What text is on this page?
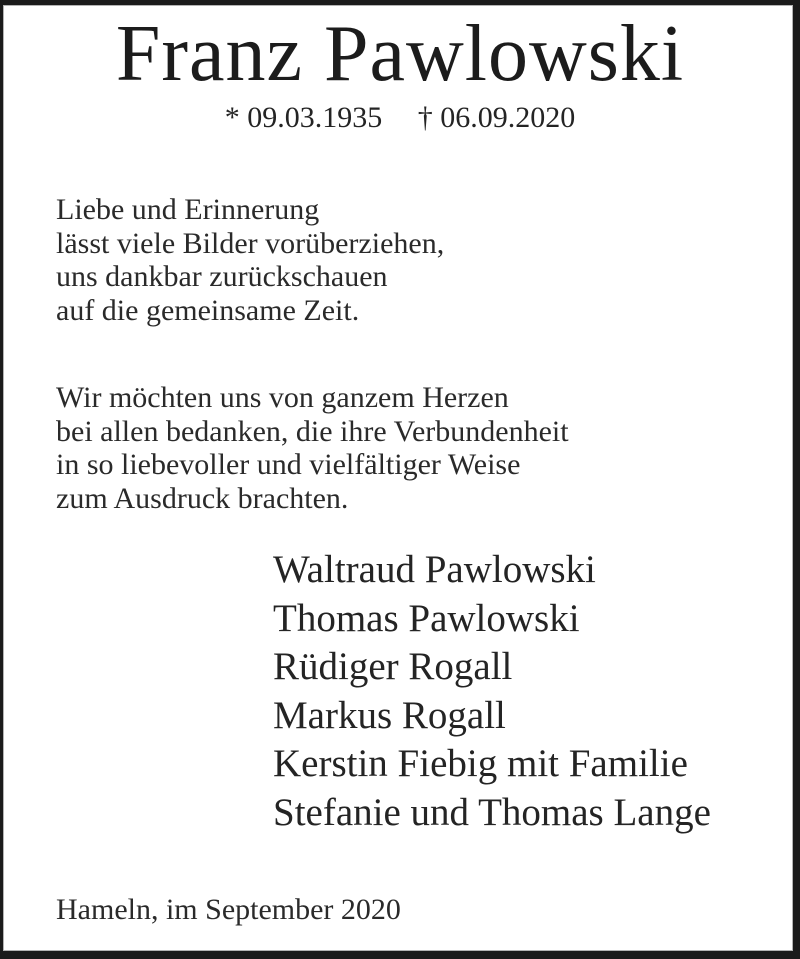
Franz Pawlowski
* 09.03.1935 † 06.09.2020
Liebe und Erinnerung
lässt viele Bilder vorüberziehen,
uns dankbar zurückschauen
auf die gemeinsame Zeit.
Wir möchten uns von ganzem Herzen
bei allen bedanken, die ihre Verbundenheit
in so liebevoller und vielfältiger Weise
zum Ausdruck brachten.
Waltraud Pawlowski
Thomas Pawlowski
Rüdiger Rogall
Markus Rogall
Kerstin Fiebig mit Familie
Stefanie und Thomas Lange
Hameln, im September 2020
